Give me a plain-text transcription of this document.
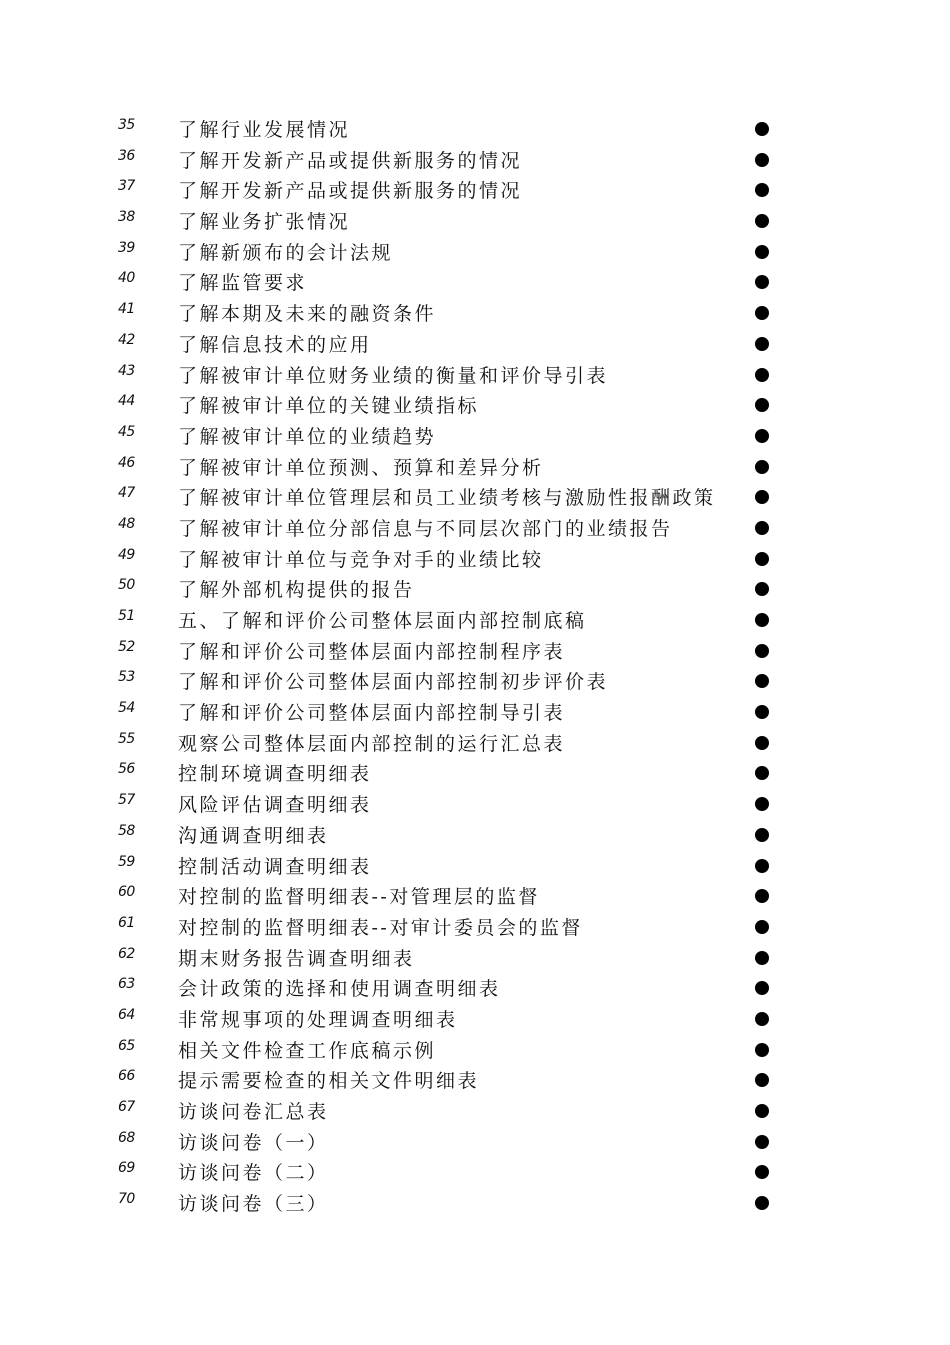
35	了解行业发展情况
36	了解开发新产品或提供新服务的情况
37	了解开发新产品或提供新服务的情况
38	了解业务扩张情况
39	了解新颁布的会计法规
40	了解监管要求
41	了解本期及未来的融资条件
42	了解信息技术的应用
43	了解被审计单位财务业绩的衡量和评价导引表
44	了解被审计单位的关键业绩指标
45	了解被审计单位的业绩趋势
46	了解被审计单位预测、预算和差异分析
47	了解被审计单位管理层和员工业绩考核与激励性报酬政策
48	了解被审计单位分部信息与不同层次部门的业绩报告
49	了解被审计单位与竞争对手的业绩比较
50	了解外部机构提供的报告
51	五、了解和评价公司整体层面内部控制底稿
52	了解和评价公司整体层面内部控制程序表
53	了解和评价公司整体层面内部控制初步评价表
54	了解和评价公司整体层面内部控制导引表
55	观察公司整体层面内部控制的运行汇总表
56	控制环境调查明细表
57	风险评估调查明细表
58	沟通调查明细表
59	控制活动调查明细表
60	对控制的监督明细表--对管理层的监督
61	对控制的监督明细表--对审计委员会的监督
62	期末财务报告调查明细表
63	会计政策的选择和使用调查明细表
64	非常规事项的处理调查明细表
65	相关文件检查工作底稿示例
66	提示需要检查的相关文件明细表
67	访谈问卷汇总表
68	访谈问卷（一）
69	访谈问卷（二）
70	访谈问卷（三）
